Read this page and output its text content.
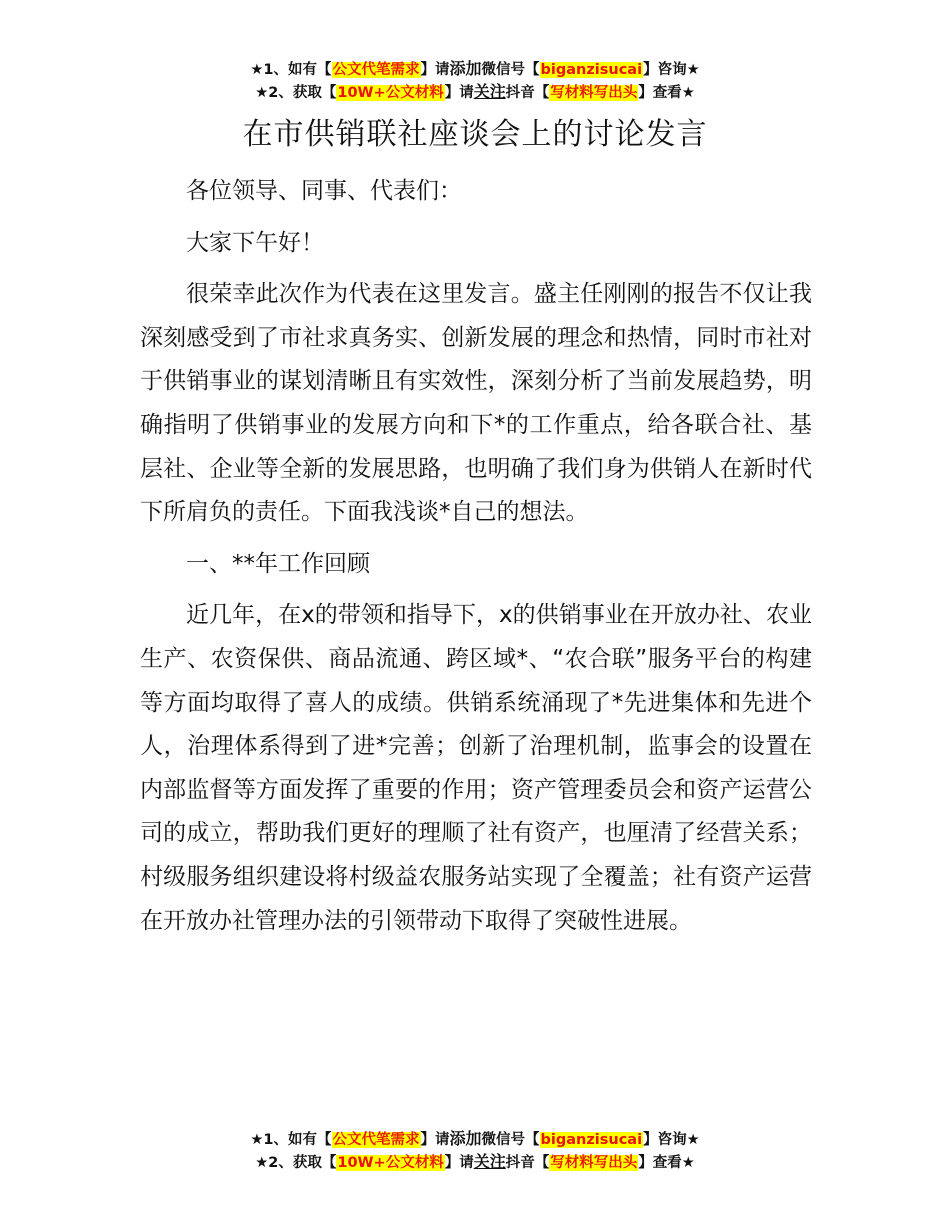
★1、如有【公文代笔需求】请添加微信号【biganzisucai】咨询★
★2、获取【10W+公文材料】请关注抖音【写材料写出头】查看★
在市供销联社座谈会上的讨论发言

各位领导、同事、代表们：

大家下午好！

很荣幸此次作为代表在这里发言。盛主任刚刚的报告不仅让我深刻感受到了市社求真务实、创新发展的理念和热情，同时市社对于供销事业的谋划清晰且有实效性，深刻分析了当前发展趋势，明确指明了供销事业的发展方向和下*的工作重点，给各联合社、基层社、企业等全新的发展思路，也明确了我们身为供销人在新时代下所肩负的责任。下面我浅谈*自己的想法。

一、**年工作回顾

近几年，在x的带领和指导下，x的供销事业在开放办社、农业生产、农资保供、商品流通、跨区域*、“农合联”服务平台的构建等方面均取得了喜人的成绩。供销系统涌现了*先进集体和先进个人，治理体系得到了进*完善；创新了治理机制，监事会的设置在内部监督等方面发挥了重要的作用；资产管理委员会和资产运营公司的成立，帮助我们更好的理顺了社有资产，也厘清了经营关系；村级服务组织建设将村级益农服务站实现了全覆盖；社有资产运营在开放办社管理办法的引领带动下取得了突破性进展。

★1、如有【公文代笔需求】请添加微信号【biganzisucai】咨询★
★2、获取【10W+公文材料】请关注抖音【写材料写出头】查看★
